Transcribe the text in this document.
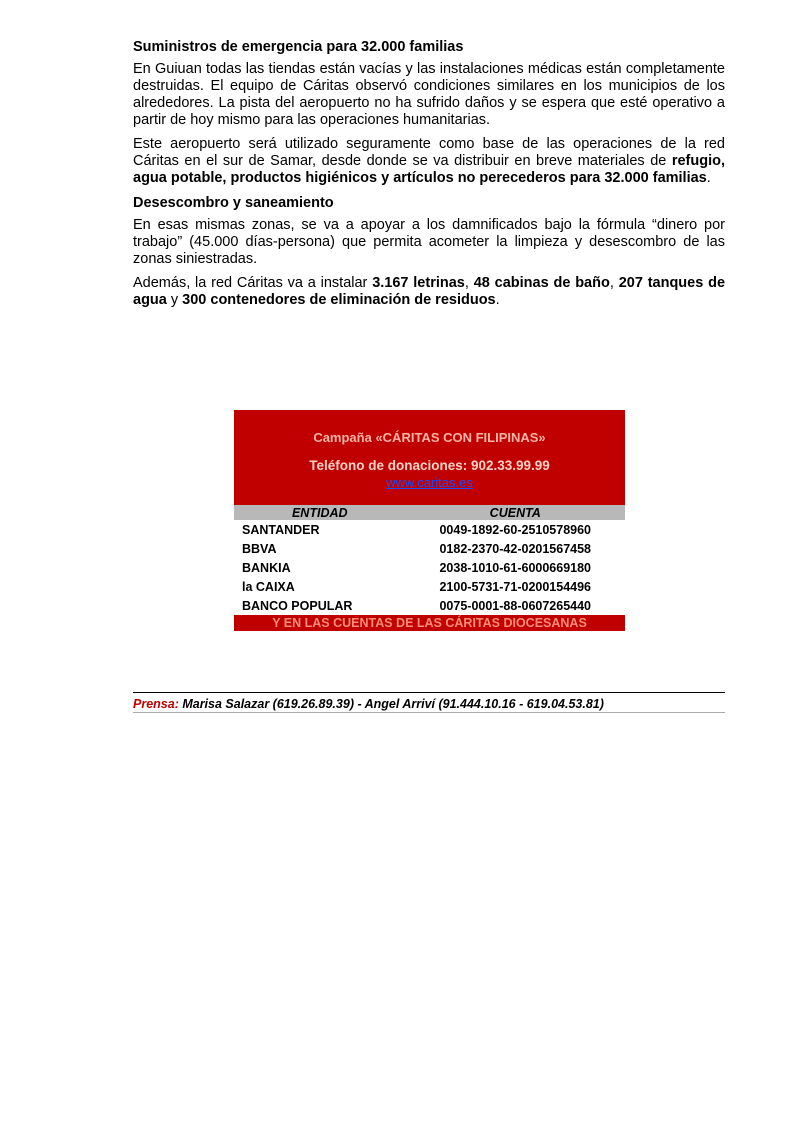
Suministros de emergencia para 32.000 familias

En Guiuan todas las tiendas están vacías y las instalaciones médicas están completamente destruidas. El equipo de Cáritas observó condiciones similares en los municipios de los alrededores. La pista del aeropuerto no ha sufrido daños y se espera que esté operativo a partir de hoy mismo para las operaciones humanitarias.

Este aeropuerto será utilizado seguramente como base de las operaciones de la red Cáritas en el sur de Samar, desde donde se va distribuir en breve materiales de refugio, agua potable, productos higiénicos y artículos no perecederos para 32.000 familias.

Desescombro y saneamiento

En esas mismas zonas, se va a apoyar a los damnificados bajo la fórmula “dinero por trabajo” (45.000 días-persona) que permita acometer la limpieza y desescombro de las zonas siniestradas.

Además, la red Cáritas va a instalar 3.167 letrinas, 48 cabinas de baño, 207 tanques de agua y 300 contenedores de eliminación de residuos.

Campaña «CÁRITAS CON FILIPINAS»
Teléfono de donaciones: 902.33.99.99
www.caritas.es
ENTIDAD	CUENTA
SANTANDER	0049-1892-60-2510578960
BBVA	0182-2370-42-0201567458
BANKIA	2038-1010-61-6000669180
la CAIXA	2100-5731-71-0200154496
BANCO POPULAR	0075-0001-88-0607265440
Y EN LAS CUENTAS DE LAS CÁRITAS DIOCESANAS
Prensa: Marisa Salazar (619.26.89.39) - Angel Arriví (91.444.10.16 - 619.04.53.81)
